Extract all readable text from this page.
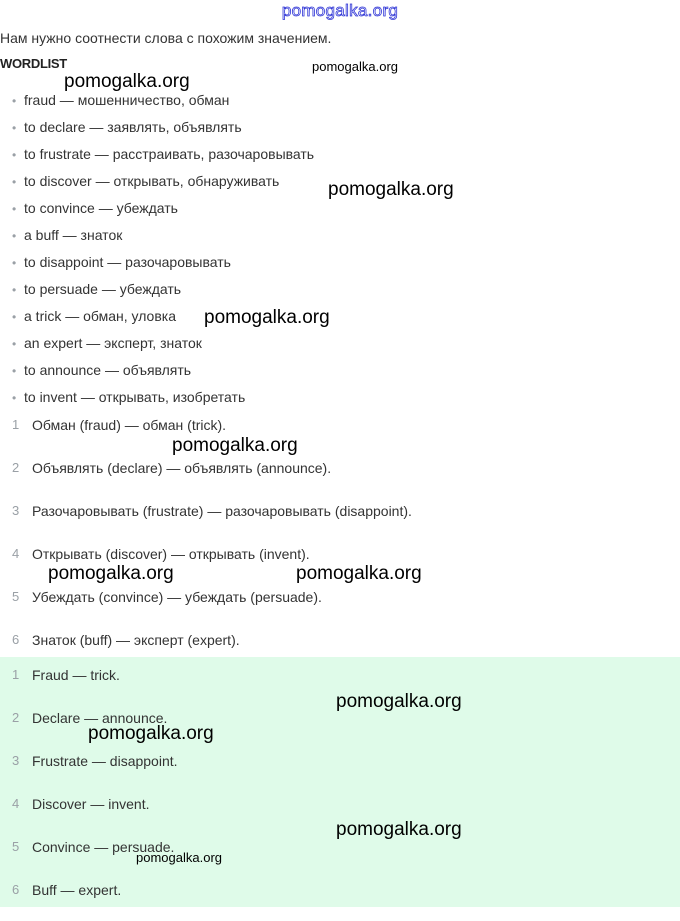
pomogalka.org
Нам нужно соотнести слова с похожим значением.
WORDLIST
• fraud — мошенничество, обман
• to declare — заявлять, объявлять
• to frustrate — расстраивать, разочаровывать
• to discover — открывать, обнаруживать
• to convince — убеждать
• a buff — знаток
• to disappoint — разочаровывать
• to persuade — убеждать
• a trick — обман, уловка
• an expert — эксперт, знаток
• to announce — объявлять
• to invent — открывать, изобретать
1 Обман (fraud) — обман (trick).
2 Объявлять (declare) — объявлять (announce).
3 Разочаровывать (frustrate) — разочаровывать (disappoint).
4 Открывать (discover) — открывать (invent).
5 Убеждать (convince) — убеждать (persuade).
6 Знаток (buff) — эксперт (expert).
1 Fraud — trick.
2 Declare — announce.
3 Frustrate — disappoint.
4 Discover — invent.
5 Convince — persuade.
6 Buff — expert.
pomogalka.org
pomogalka.org
pomogalka.org
pomogalka.org
pomogalka.org
pomogalka.org	pomogalka.org
pomogalka.org
pomogalka.org
pomogalka.org
pomogalka.org
